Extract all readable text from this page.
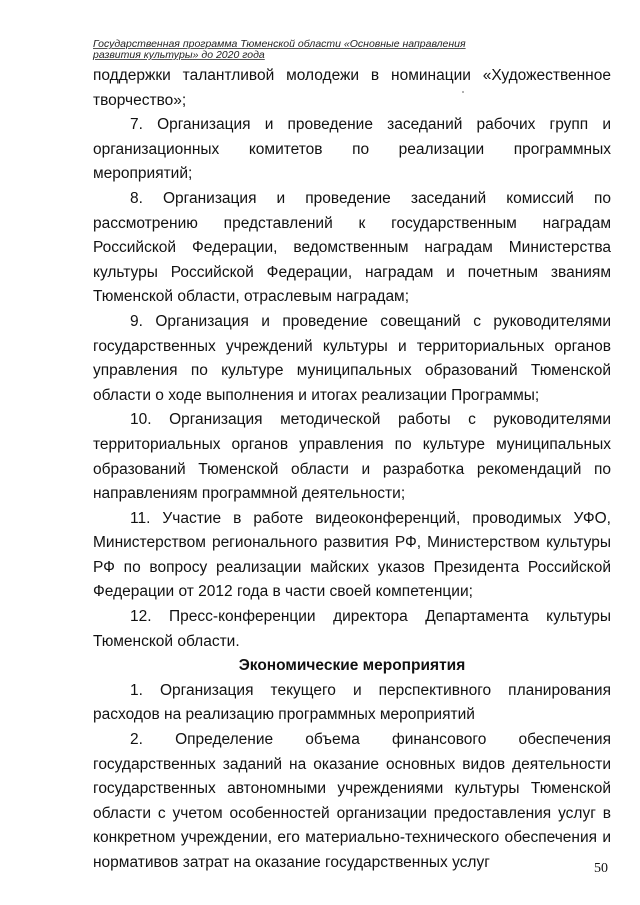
Государственная программа Тюменской области «Основные направления
развития культуры» до 2020 года

поддержки талантливой молодежи в номинации «Художественное творчество»;

7. Организация и проведение заседаний рабочих групп и организационных комитетов по реализации программных мероприятий;

8. Организация и проведение заседаний комиссий по рассмотрению представлений к государственным наградам Российской Федерации, ведомственным наградам Министерства культуры Российской Федерации, наградам и почетным званиям Тюменской области, отраслевым наградам;

9. Организация и проведение совещаний с руководителями государственных учреждений культуры и территориальных органов управления по культуре муниципальных образований Тюменской области о ходе выполнения и итогах реализации Программы;

10. Организация методической работы с руководителями территориальных органов управления по культуре муниципальных образований Тюменской области и разработка рекомендаций по направлениям программной деятельности;

11. Участие в работе видеоконференций, проводимых УФО, Министерством регионального развития РФ, Министерством культуры РФ по вопросу реализации майских указов Президента Российской Федерации от 2012 года в части своей компетенции;

12. Пресс-конференции директора Департамента культуры Тюменской области.

Экономические мероприятия

1. Организация текущего и перспективного планирования расходов на реализацию программных мероприятий

2. Определение объема финансового обеспечения государственных заданий на оказание основных видов деятельности государственных автономными учреждениями культуры Тюменской области с учетом особенностей организации предоставления услуг в конкретном учреждении, его материально-технического обеспечения и нормативов затрат на оказание государственных услуг	50
